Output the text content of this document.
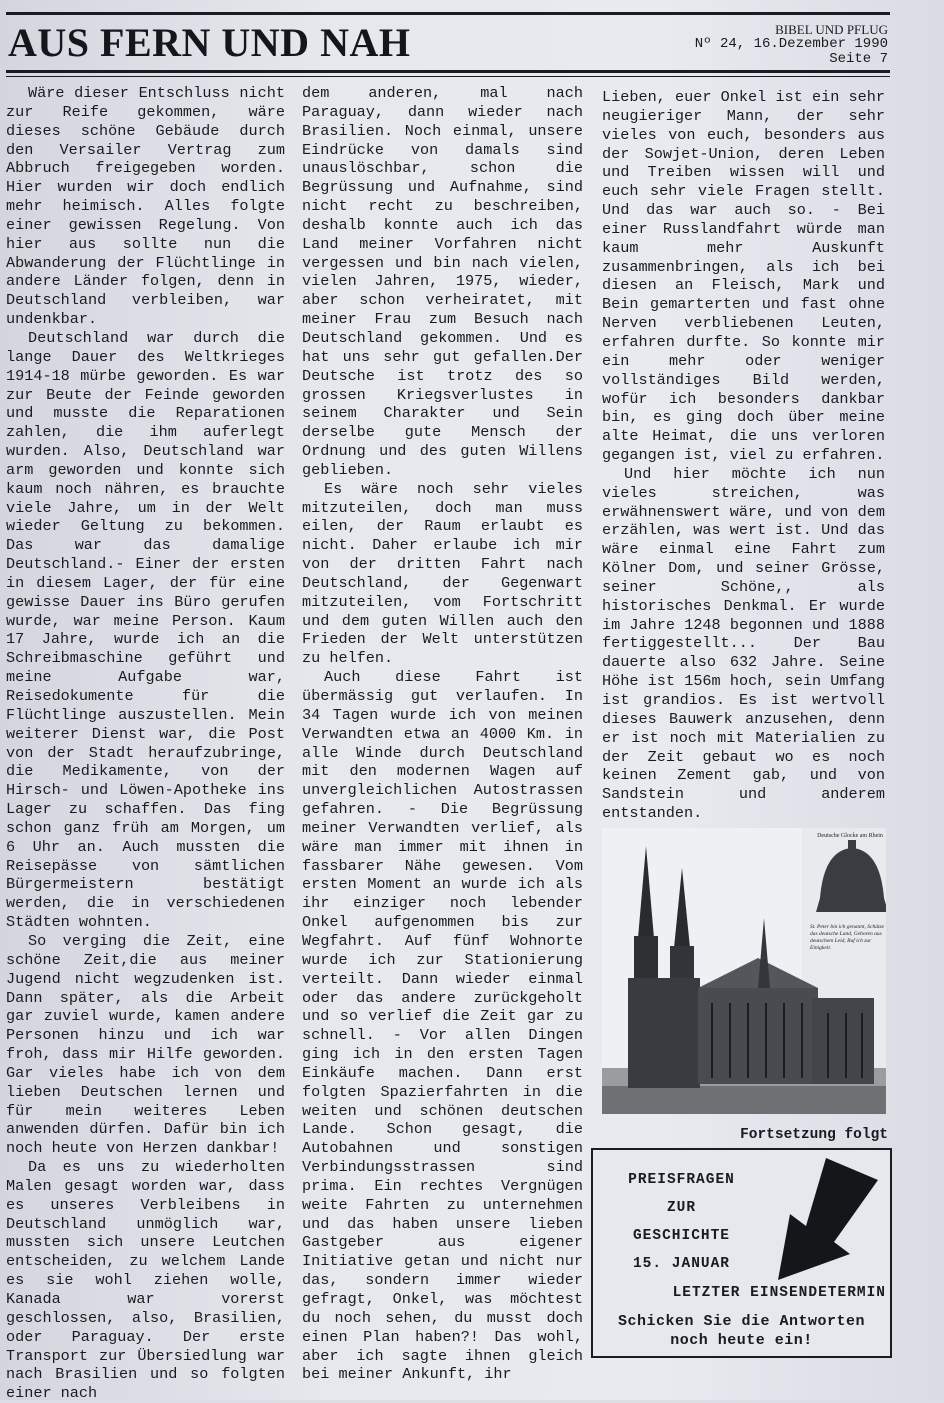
AUS FERN UND NAH	BIBEL UND PFLUG
Nº 24, 16.Dezember 1990
Seite 7

Wäre dieser Entschluss nicht zur Reife gekommen, wäre dieses schöne Gebäude durch den Versailer Vertrag zum Abbruch freigegeben worden. Hier wurden wir doch endlich mehr heimisch. Alles folgte einer gewissen Regelung. Von hier aus sollte nun die Abwanderung der Flüchtlinge in andere Länder folgen, denn in Deutschland verbleiben, war undenkbar.

Deutschland war durch die lange Dauer des Weltkrieges 1914-18 mürbe geworden. Es war zur Beute der Feinde geworden und musste die Reparationen zahlen, die ihm auferlegt wurden. Also, Deutschland war arm geworden und konnte sich kaum noch nähren, es brauchte viele Jahre, um in der Welt wieder Geltung zu bekommen. Das war das damalige Deutschland.- Einer der ersten in diesem Lager, der für eine gewisse Dauer ins Büro gerufen wurde, war meine Person. Kaum 17 Jahre, wurde ich an die Schreibmaschine geführt und meine Aufgabe war, Reisedokumente für die Flüchtlinge auszustellen. Mein weiterer Dienst war, die Post von der Stadt heraufzubringe, die Medikamente, von der Hirsch- und Löwen-Apotheke ins Lager zu schaffen. Das fing schon ganz früh am Morgen, um 6 Uhr an. Auch mussten die Reisepässe von sämtlichen Bürgermeistern bestätigt werden, die in verschiedenen Städten wohnten.

So verging die Zeit, eine schöne Zeit,die aus meiner Jugend nicht wegzudenken ist. Dann später, als die Arbeit gar zuviel wurde, kamen andere Personen hinzu und ich war froh, dass mir Hilfe geworden. Gar vieles habe ich von dem lieben Deutschen lernen und für mein weiteres Leben anwenden dürfen. Dafür bin ich noch heute von Herzen dankbar!

Da es uns zu wiederholten Malen gesagt worden war, dass es unseres Verbleibens in Deutschland unmöglich war, mussten sich unsere Leutchen entscheiden, zu welchem Lande es sie wohl ziehen wolle, Kanada war vorerst geschlossen, also, Brasilien, oder Paraguay. Der erste Transport zur Übersiedlung war nach Brasilien und so folgten einer nach

dem anderen, mal nach Paraguay, dann wieder nach Brasilien. Noch einmal, unsere Eindrücke von damals sind unauslöschbar, schon die Begrüssung und Aufnahme, sind nicht recht zu beschreiben, deshalb konnte auch ich das Land meiner Vorfahren nicht vergessen und bin nach vielen, vielen Jahren, 1975, wieder, aber schon verheiratet, mit meiner Frau zum Besuch nach Deutschland gekommen. Und es hat uns sehr gut gefallen.Der Deutsche ist trotz des so grossen Kriegsverlustes in seinem Charakter und Sein derselbe gute Mensch der Ordnung und des guten Willens geblieben.

Es wäre noch sehr vieles mitzuteilen, doch man muss eilen, der Raum erlaubt es nicht. Daher erlaube ich mir von der dritten Fahrt nach Deutschland, der Gegenwart mitzuteilen, vom Fortschritt und dem guten Willen auch den Frieden der Welt unterstützen zu helfen.

Auch diese Fahrt ist übermässig gut verlaufen. In 34 Tagen wurde ich von meinen Verwandten etwa an 4000 Km. in alle Winde durch Deutschland mit den modernen Wagen auf unvergleichlichen Autostrassen gefahren. - Die Begrüssung meiner Verwandten verlief, als wäre man immer mit ihnen in fassbarer Nähe gewesen. Vom ersten Moment an wurde ich als ihr einziger noch lebender Onkel aufgenommen bis zur Wegfahrt. Auf fünf Wohnorte wurde ich zur Stationierung verteilt. Dann wieder einmal oder das andere zurückgeholt und so verlief die Zeit gar zu schnell. - Vor allen Dingen ging ich in den ersten Tagen Einkäufe machen. Dann erst folgten Spazierfahrten in die weiten und schönen deutschen Lande. Schon gesagt, die Autobahnen und sonstigen Verbindungsstrassen sind prima. Ein rechtes Vergnügen weite Fahrten zu unternehmen und das haben unsere lieben Gastgeber aus eigener Initiative getan und nicht nur das, sondern immer wieder gefragt, Onkel, was möchtest du noch sehen, du musst doch einen Plan haben?! Das wohl, aber ich sagte ihnen gleich bei meiner Ankunft, ihr

Lieben, euer Onkel ist ein sehr neugieriger Mann, der sehr vieles von euch, besonders aus der Sowjet-Union, deren Leben und Treiben wissen will und euch sehr viele Fragen stellt. Und das war auch so. - Bei einer Russlandfahrt würde man kaum mehr Auskunft zusammenbringen, als ich bei diesen an Fleisch, Mark und Bein gemarterten und fast ohne Nerven verbliebenen Leuten, erfahren durfte. So konnte mir ein mehr oder weniger vollständiges Bild werden, wofür ich besonders dankbar bin, es ging doch über meine alte Heimat, die uns verloren gegangen ist, viel zu erfahren.

Und hier möchte ich nun vieles streichen, was erwähnenswert wäre, und von dem erzählen, was wert ist. Und das wäre einmal eine Fahrt zum Kölner Dom, und seiner Grösse, seiner Schöne,, als historisches Denkmal. Er wurde im Jahre 1248 begonnen und 1888 fertiggestellt... Der Bau dauerte also 632 Jahre. Seine Höhe ist 156m hoch, sein Umfang ist grandios. Es ist wertvoll dieses Bauwerk anzusehen, denn er ist noch mit Materialien zu der Zeit gebaut wo es noch keinen Zement gab, und von Sandstein und anderem entstanden.

Deutsche Glocke am Rhein
St. Peter bin ich genannt, Schütze das deutsche Land, Geboren aus deutschem Leid, Ruf ich zur Einigkeit.
Fortsetzung folgt
PREISFRAGEN
ZUR
GESCHICHTE
15. JANUAR
LETZTER EINSENDETERMIN
Schicken Sie die Antworten
noch heute ein!
